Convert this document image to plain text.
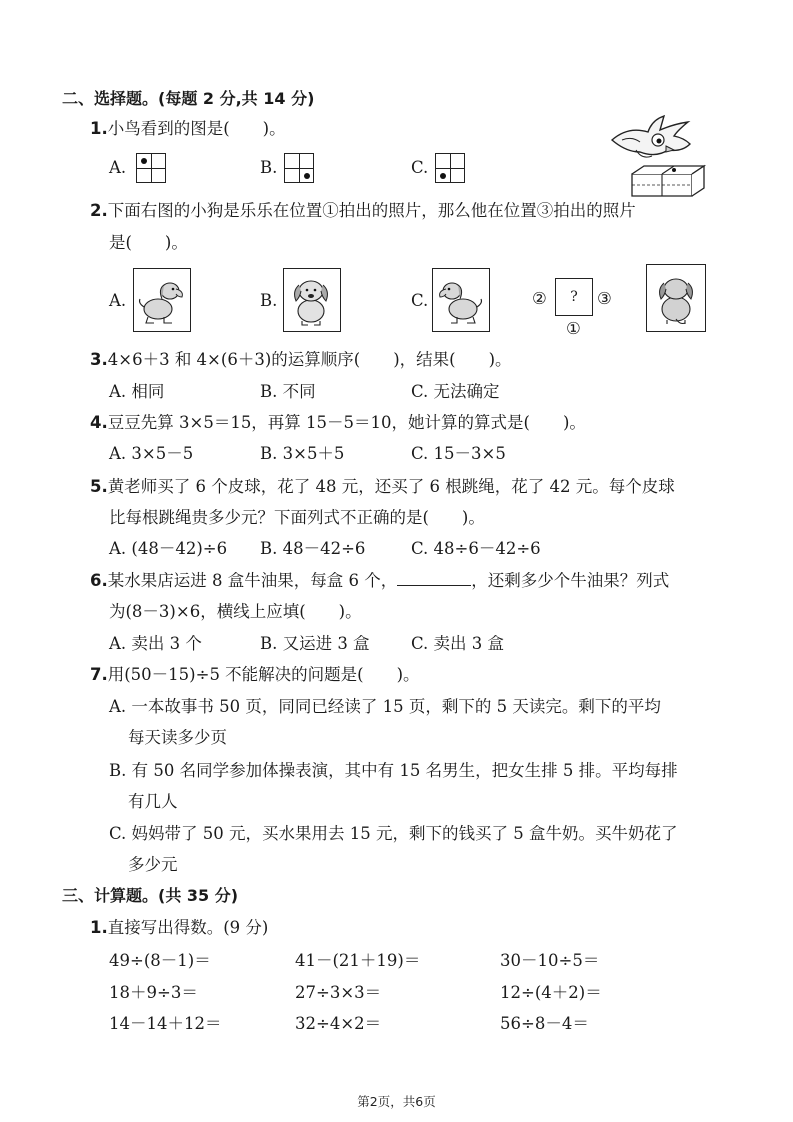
二、选择题。(每题 2 分,共 14 分)
1.小鸟看到的图是(　　)。
A.	B.	C.
2.下面右图的小狗是乐乐在位置①拍出的照片，那么他在位置③拍出的照片
是(　　)。
A.	B.	C.	②	?	③
①
3.4×6＋3 和 4×(6＋3)的运算顺序(　　)，结果(　　)。
A. 相同	B. 不同	C. 无法确定
4.豆豆先算 3×5＝15，再算 15－5＝10，她计算的算式是(　　)。
A. 3×5－5	B. 3×5＋5	C. 15－3×5
5.黄老师买了 6 个皮球，花了 48 元，还买了 6 根跳绳，花了 42 元。每个皮球
比每根跳绳贵多少元？下面列式不正确的是(　　)。
A. (48－42)÷6 B. 48－42÷6	C. 48÷6－42÷6
6.某水果店运进 8 盒牛油果，每盒 6 个，	，还剩多少个牛油果？列式
为(8－3)×6，横线上应填(　　)。
A. 卖出 3 个	B. 又运进 3 盒	C. 卖出 3 盒
7.用(50－15)÷5 不能解决的问题是(　　)。
A. 一本故事书 50 页，同同已经读了 15 页，剩下的 5 天读完。剩下的平均
每天读多少页
B. 有 50 名同学参加体操表演，其中有 15 名男生，把女生排 5 排。平均每排
有几人
C. 妈妈带了 50 元，买水果用去 15 元，剩下的钱买了 5 盒牛奶。买牛奶花了
多少元
三、计算题。(共 35 分)
1.直接写出得数。(9 分)
49÷(8－1)＝	41－(21＋19)＝	30－10÷5＝
18＋9÷3＝	27÷3×3＝	12÷(4＋2)＝
14－14＋12＝	32÷4×2＝	56÷8－4＝
第2页，共6页
